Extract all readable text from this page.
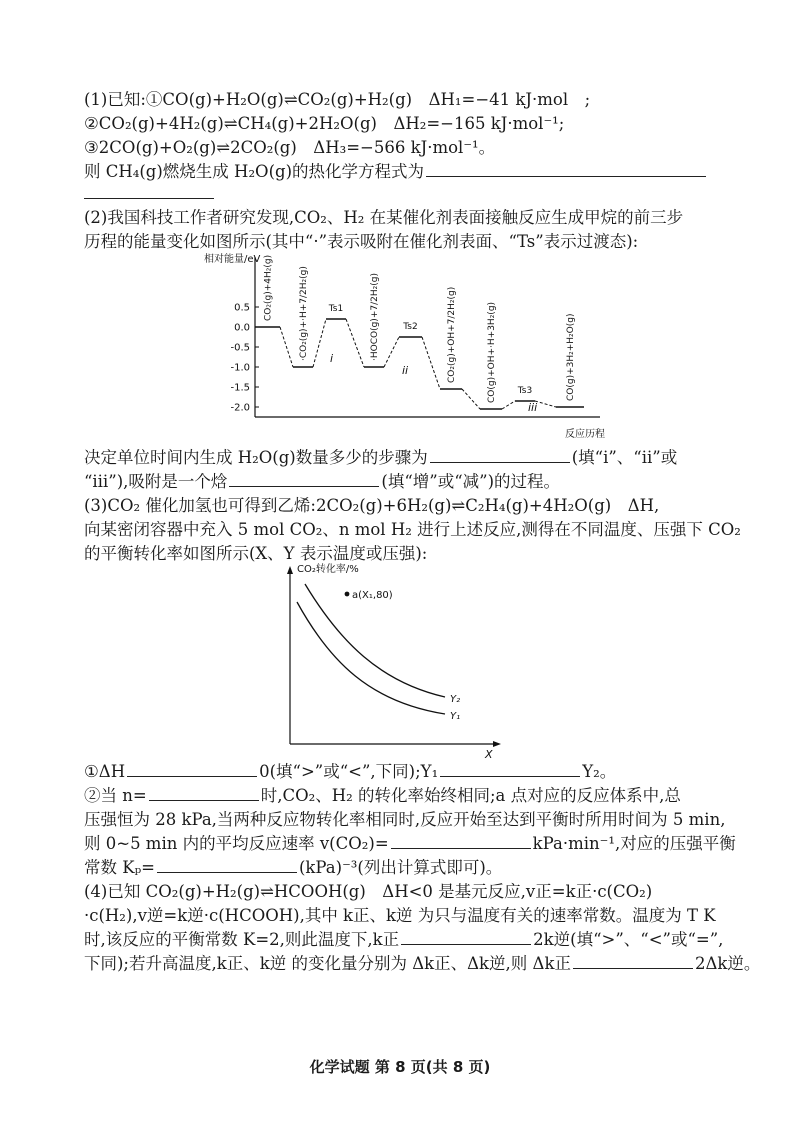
(1)已知:①CO(g)+H₂O(g)⇌CO₂(g)+H₂(g)　ΔH₁=−41 kJ·mol　;
②CO₂(g)+4H₂(g)⇌CH₄(g)+2H₂O(g)　ΔH₂=−165 kJ·mol⁻¹;
③2CO(g)+O₂(g)⇌2CO₂(g)　ΔH₃=−566 kJ·mol⁻¹。
则 CH₄(g)燃烧生成 H₂O(g)的热化学方程式为
(2)我国科技工作者研究发现,CO₂、H₂ 在某催化剂表面接触反应生成甲烷的前三步
历程的能量变化如图所示(其中“·”表示吸附在催化剂表面、“Ts”表示过渡态):
相对能量/eV
反应历程
0.5
0.0
-0.5
-1.0
-1.5
-2.0
CO₂(g)+4H₂(g)	·CO₂(g)+·H+7/2H₂(g) Ts1	·HOCO(g)+7/2H₂(g)	Ts2	CO₂(g)+OH+7/2H₂(g)	CO(g)+OH+·H+3H₂(g) Ts3	CO(g)+3H₂+H₂O(g)
i
ii
iii
决定单位时间内生成 H₂O(g)数量多少的步骤为	(填“ⅰ”、“ⅱ”或
“ⅲ”),吸附是一个焓	(填“增”或“减”)的过程。
(3)CO₂ 催化加氢也可得到乙烯:2CO₂(g)+6H₂(g)⇌C₂H₄(g)+4H₂O(g)　ΔH,
向某密闭容器中充入 5 mol CO₂、n mol H₂ 进行上述反应,测得在不同温度、压强下 CO₂
的平衡转化率如图所示(X、Y 表示温度或压强):
CO₂转化率/%
X
a(X₁,80)
Y₂
Y₁
①ΔH	0(填“>”或“<”,下同);Y₁	Y₂。
②当 n=	时,CO₂、H₂ 的转化率始终相同;a 点对应的反应体系中,总
压强恒为 28 kPa,当两种反应物转化率相同时,反应开始至达到平衡时所用时间为 5 min,
则 0~5 min 内的平均反应速率 v(CO₂)=	kPa·min⁻¹,对应的压强平衡
常数 Kₚ=	(kPa)⁻³(列出计算式即可)。
(4)已知 CO₂(g)+H₂(g)⇌HCOOH(g)　ΔH<0 是基元反应,v正=k正·c(CO₂)
·c(H₂),v逆=k逆·c(HCOOH),其中 k正、k逆 为只与温度有关的速率常数。温度为 T K
时,该反应的平衡常数 K=2,则此温度下,k正	2k逆(填“>”、“<”或“=”,
下同);若升高温度,k正、k逆 的变化量分别为 Δk正、Δk逆,则 Δk正	2Δk逆。
化学试题 第 8 页(共 8 页)
